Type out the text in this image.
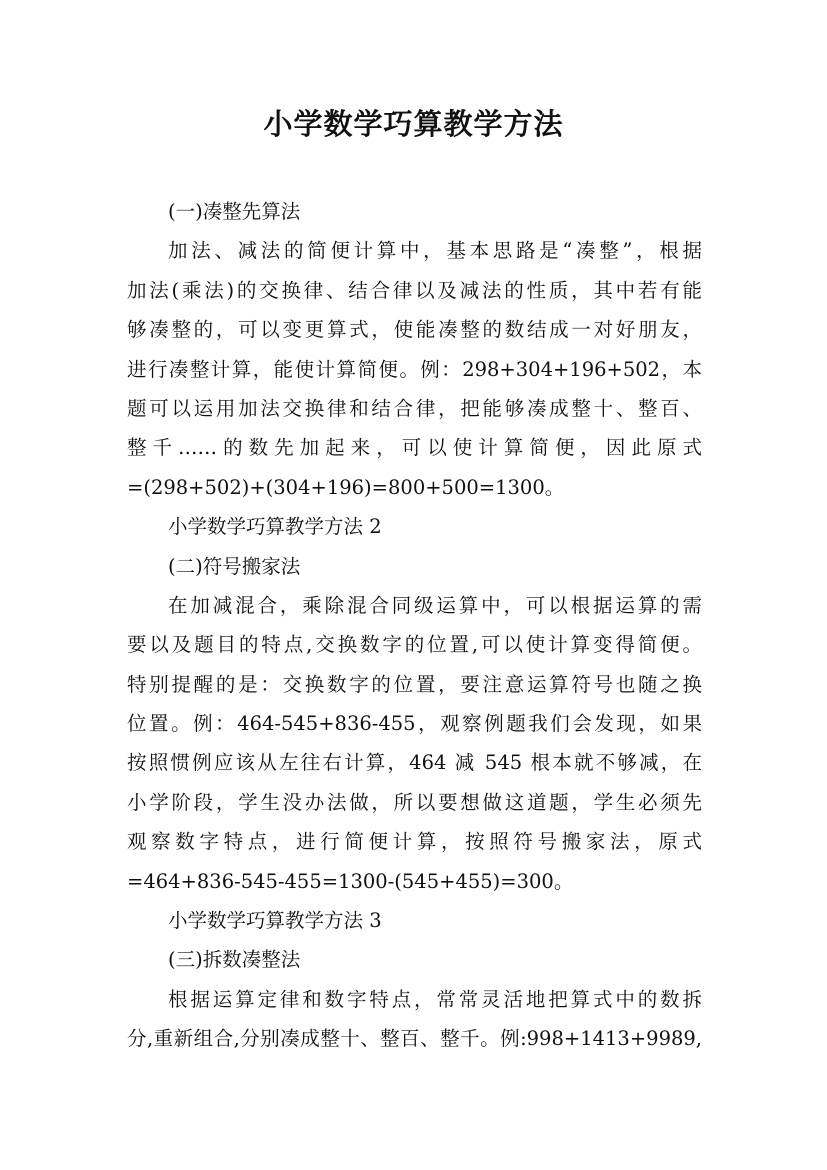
小学数学巧算教学方法
(一)凑整先算法
加法、减法的简便计算中，基本思路是“凑整”，根据
加法(乘法)的交换律、结合律以及减法的性质，其中若有能
够凑整的，可以变更算式，使能凑整的数结成一对好朋友，
进行凑整计算，能使计算简便。例：298+304+196+502，本
题可以运用加法交换律和结合律，把能够凑成整十、整百、
整千……的数先加起来，可以使计算简便，因此原式
=(298+502)+(304+196)=800+500=1300。
小学数学巧算教学方法 2
(二)符号搬家法
在加减混合，乘除混合同级运算中，可以根据运算的需
要以及题目的特点,交换数字的位置,可以使计算变得简便。
特别提醒的是：交换数字的位置，要注意运算符号也随之换
位置。例：464-545+836-455，观察例题我们会发现，如果
按照惯例应该从左往右计算，464 减 545 根本就不够减，在
小学阶段，学生没办法做，所以要想做这道题，学生必须先
观察数字特点，进行简便计算，按照符号搬家法，原式
=464+836-545-455=1300-(545+455)=300。
小学数学巧算教学方法 3
(三)拆数凑整法
根据运算定律和数字特点，常常灵活地把算式中的数拆
分,重新组合,分别凑成整十、整百、整千。例:998+1413+9989,
